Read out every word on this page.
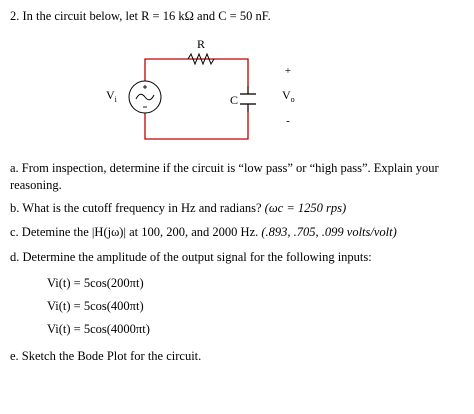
2. In the circuit below, let R = 16 kΩ and C = 50 nF.
R
$V_i$	C
+
$V_o$
-
a. From inspection, determine if the circuit is “low pass” or “high pass”. Explain your reasoning.
b. What is the cutoff frequency in Hz and radians? (ωc = 1250 rps)
c. Detemine the |H(jω)| at 100, 200, and 2000 Hz. (.893, .705, .099 volts/volt)
d. Determine the amplitude of the output signal for the following inputs:
Vi(t) = 5cos(200πt)
Vi(t) = 5cos(400πt)
Vi(t) = 5cos(4000πt)
e. Sketch the Bode Plot for the circuit.
